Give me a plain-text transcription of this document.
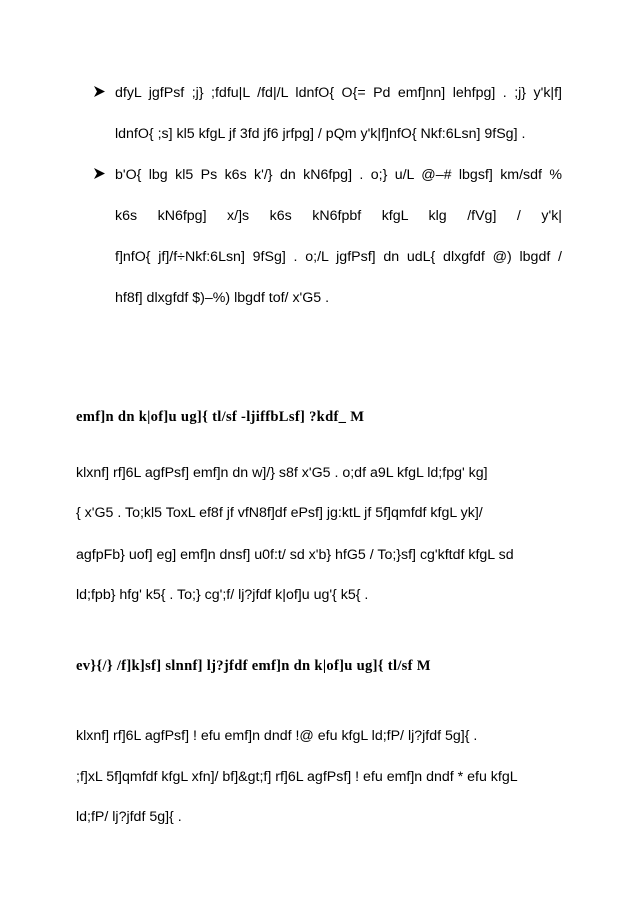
dfyL jgfPsf ;j} ;fdfu|L /fd|/L ldnfO{ O{= Pd emf]nn] lehfpg] . ;j} y'k|f]
ldnfO{ ;s] kl5 kfgL jf 3fd jf6 jrfpg] / pQm y'k|f]nfO{ Nkf:6Lsn] 9fSg] .
b'O{ lbg kl5 Ps k6s k'/} dn kN6fpg] . o;} u/L @–# lbgsf] km/sdf %
k6s kN6fpg] x/]s k6s kN6fpbf kfgL klg /fVg] / y'k|
f]nfO{ jf]/f÷Nkf:6Lsn] 9fSg] . o;/L jgfPsf] dn udL{ dlxgfdf @) lbgdf /
hf8f] dlxgfdf $)–%) lbgdf tof/ x'G5 .
emf]n dn k|of]u ug]{ tl/sf -ljiffbLsf] ?kdf_ M
klxnf] rf]6L agfPsf] emf]n dn w]/} s8f x'G5 . o;df a9L kfgL ld;fpg' kg]
{ x'G5 . To;kl5 ToxL ef8f jf vfN8f]df ePsf] jg:ktL jf 5f]qmfdf kfgL yk]/
agfpFb} uof] eg] emf]n dnsf] u0f:t/ sd x'b} hfG5 / To;}sf] cg'kftdf kfgL sd
ld;fpb} hfg' k5{ . To;} cg';f/ lj?jfdf k|of]u ug'{ k5{ .
ev}{/} /f]k]sf] slnnf] lj?jfdf emf]n dn k|of]u ug]{ tl/sf M
klxnf] rf]6L agfPsf] ! efu emf]n dndf !@ efu kfgL ld;fP/ lj?jfdf 5g]{ .
;f]xL 5f]qmfdf kfgL xfn]/ bf]&gt;f] rf]6L agfPsf] ! efu emf]n dndf * efu kfgL
ld;fP/ lj?jfdf 5g]{ .
